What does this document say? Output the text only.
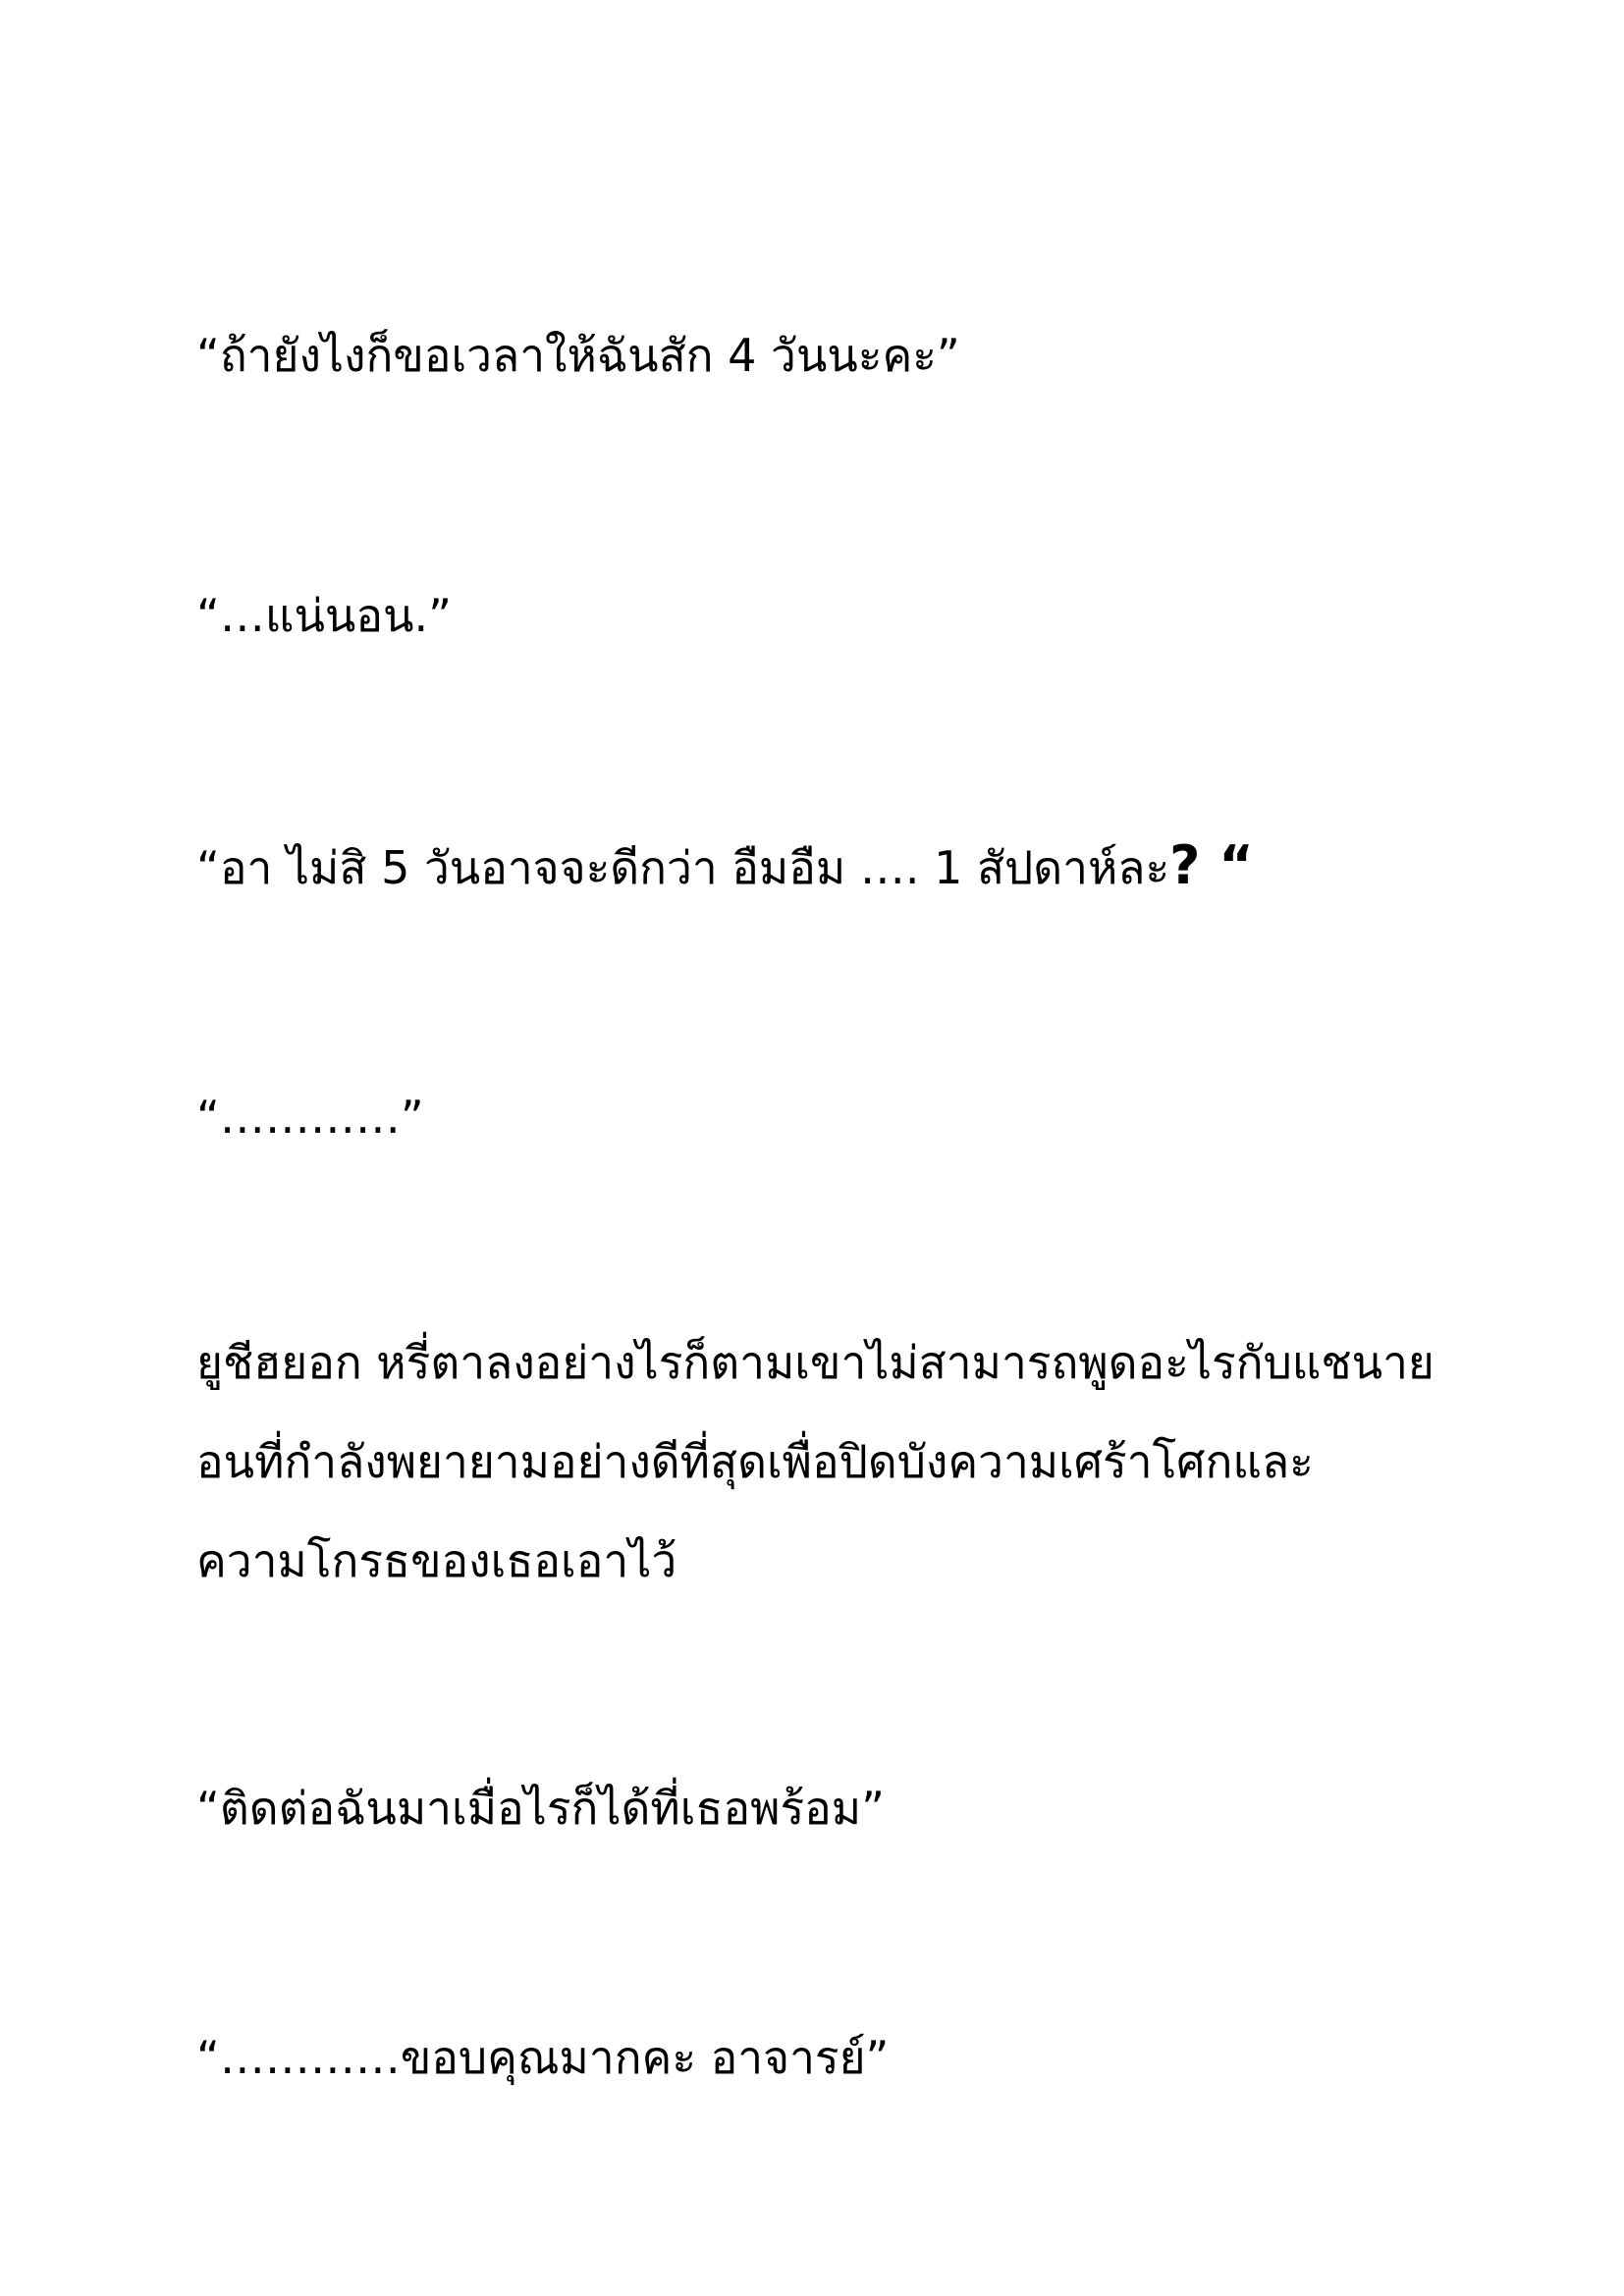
“ถ้ายังไงก็ขอเวลาให้ฉันสัก 4 วันนะคะ”

“…แน่นอน.”

“อา ไม่สิ 5 วันอาจจะดีกว่า อืมอืม …. 1 สัปดาห์ละ? “

“…………”

ยูชีฮยอก หรี่ตาลงอย่างไรก็ตามเขาไม่สามารถพูดอะไรกับแชนาย

อนที่กำลังพยายามอย่างดีที่สุดเพื่อปิดบังความเศร้าโศกและ

ความโกรธของเธอเอาไว้

“ติดต่อฉันมาเมื่อไรก็ได้ที่เธอพร้อม”

“…………ขอบคุณมากคะ อาจารย์”
